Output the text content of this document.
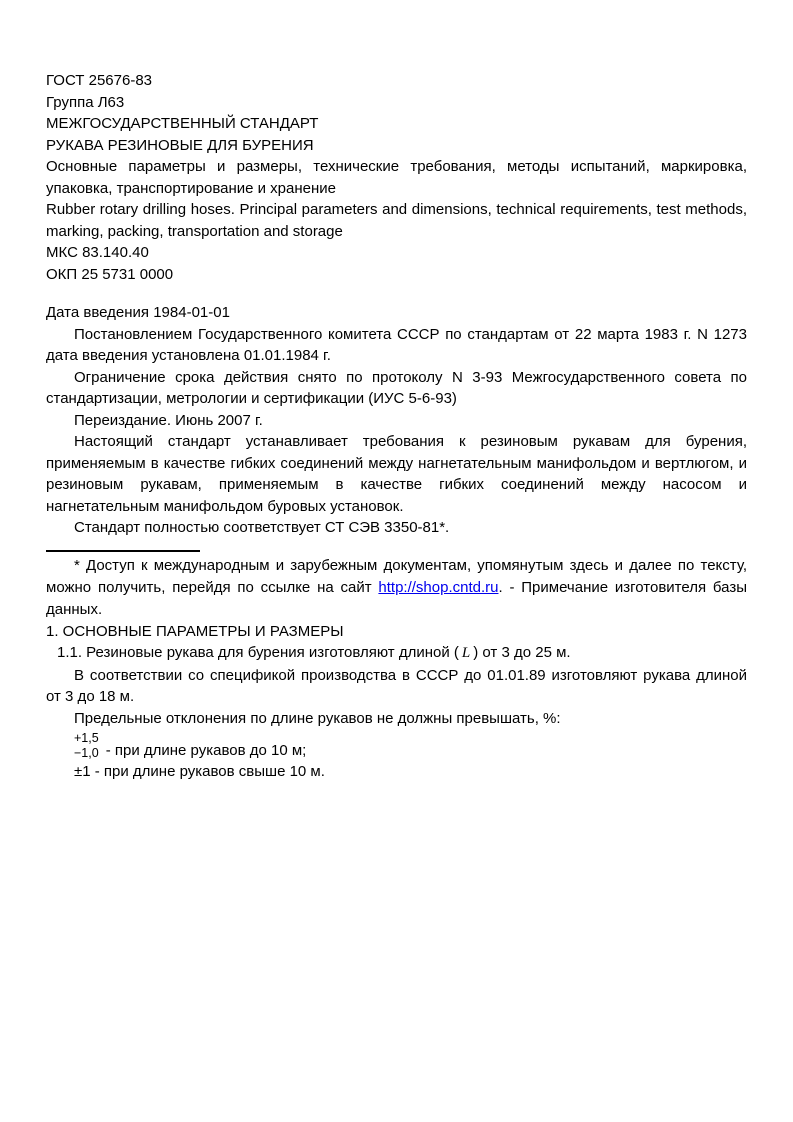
ГОСТ 25676-83

Группа Л63

МЕЖГОСУДАРСТВЕННЫЙ СТАНДАРТ

РУКАВА РЕЗИНОВЫЕ ДЛЯ БУРЕНИЯ

Основные параметры и размеры, технические требования, методы испытаний, маркировка, упаковка, транспортирование и хранение

Rubber rotary drilling hoses. Principal parameters and dimensions, technical requirements, test methods, marking, packing, transportation and storage

МКС 83.140.40

ОКП 25 5731 0000

Дата введения 1984-01-01

Постановлением Государственного комитета СССР по стандартам от 22 марта 1983 г. N 1273 дата введения установлена 01.01.1984 г.

Ограничение срока действия снято по протоколу N 3-93 Межгосударственного совета по стандартизации, метрологии и сертификации (ИУС 5-6-93)

Переиздание. Июнь 2007 г.

Настоящий стандарт устанавливает требования к резиновым рукавам для бурения, применяемым в качестве гибких соединений между нагнетательным манифольдом и вертлюгом, и резиновым рукавам, применяемым в качестве гибких соединений между насосом и нагнетательным манифольдом буровых установок.

Стандарт полностью соответствует СТ СЭВ 3350-81*.

* Доступ к международным и зарубежным документам, упомянутым здесь и далее по тексту, можно получить, перейдя по ссылке на сайт http://shop.cntd.ru. - Примечание изготовителя базы данных.

1. ОСНОВНЫЕ ПАРАМЕТРЫ И РАЗМЕРЫ

1.1. Резиновые рукава для бурения изготовляют длиной ( L ) от 3 до 25 м.

В соответствии со спецификой производства в СССР до 01.01.89 изготовляют рукава длиной от 3 до 18 м.

Предельные отклонения по длине рукавов не должны превышать, %:

+1,5
−1,0 - при длине рукавов до 10 м;

±1 - при длине рукавов свыше 10 м.
